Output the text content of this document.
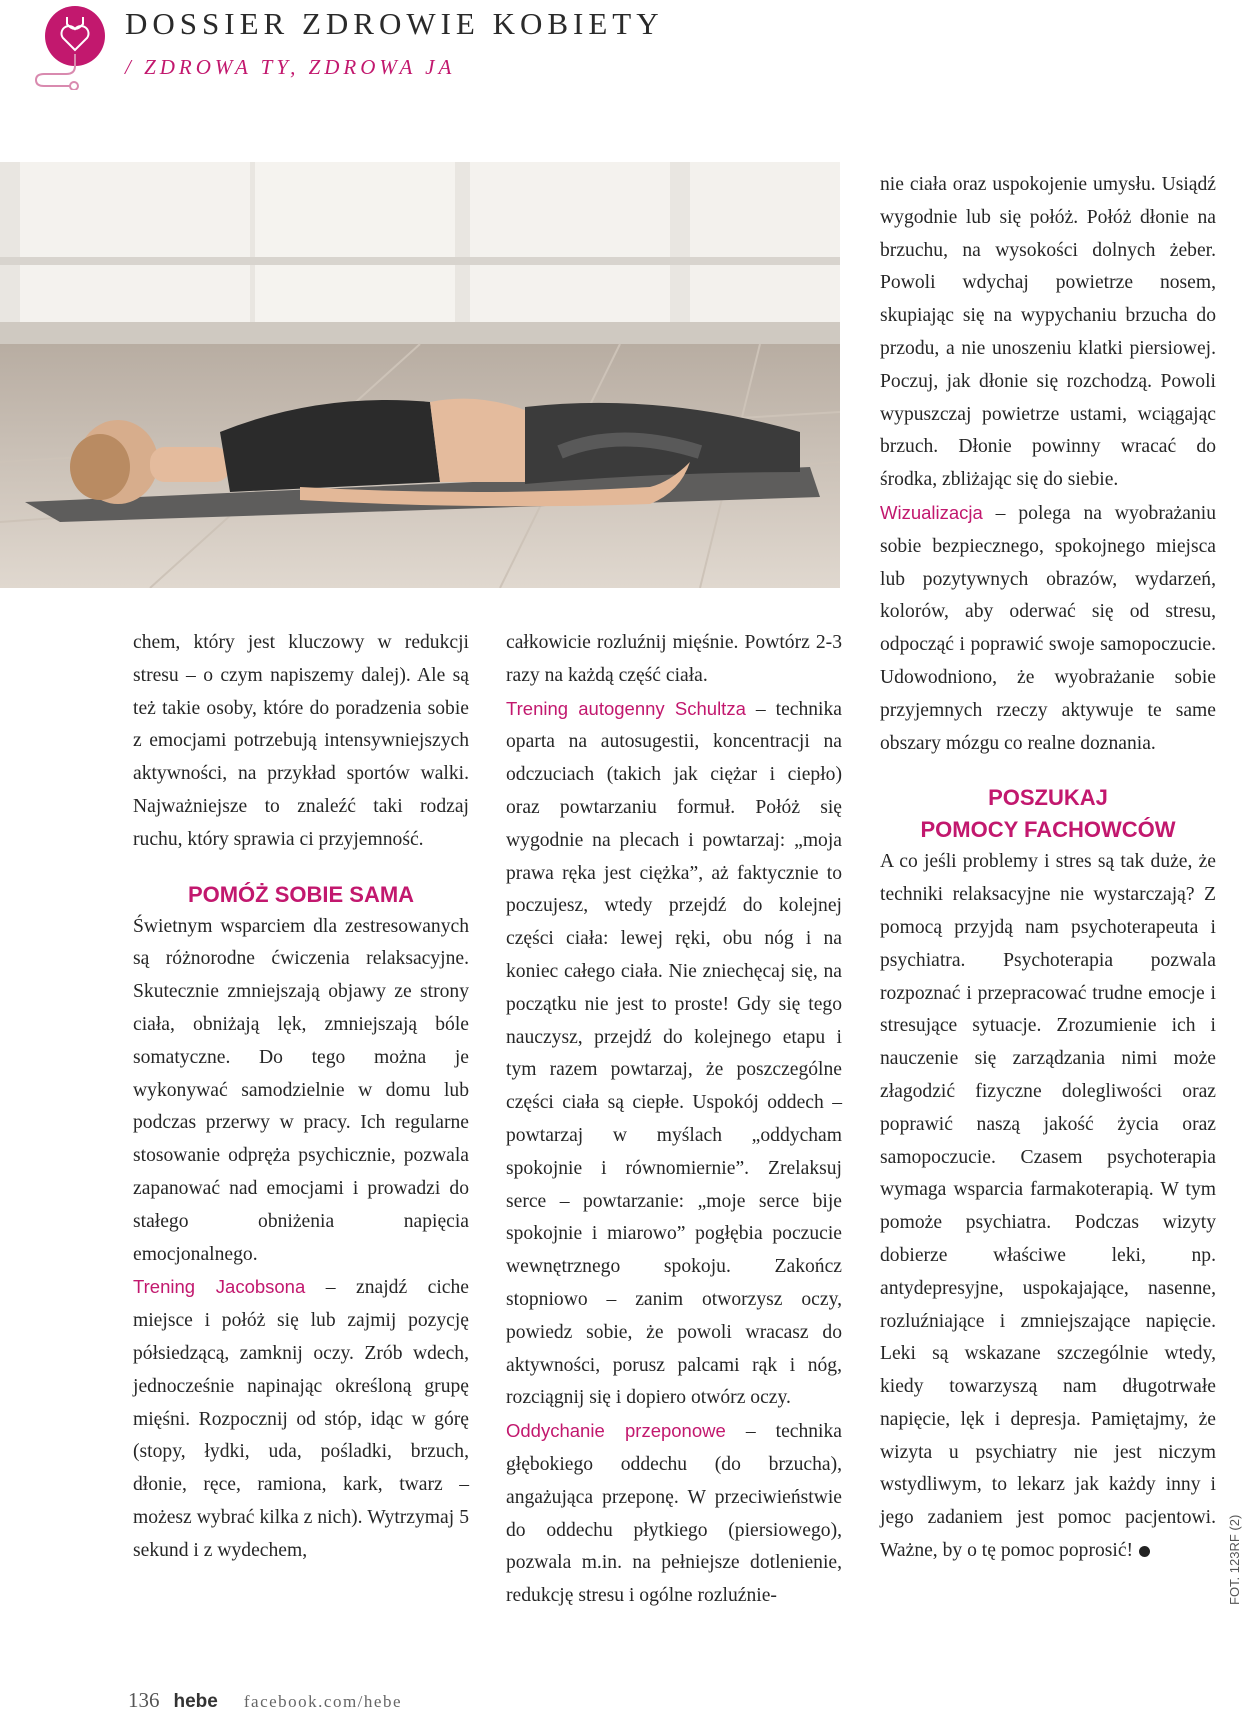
DOSSIER ZDROWIE KOBIETY
/ ZDROWA TY, ZDROWA JA

chem, który jest kluczowy w redukcji stresu – o czym napiszemy dalej). Ale są też takie osoby, które do poradzenia sobie z emocjami potrzebują intensywniejszych aktywności, na przykład sportów walki. Najważniejsze to znaleźć taki rodzaj ruchu, który sprawia ci przyjemność.

POMÓŻ SOBIE SAMA

Świetnym wsparciem dla zestresowanych są różnorodne ćwiczenia relaksacyjne. Skutecznie zmniejszają objawy ze strony ciała, obniżają lęk, zmniejszają bóle somatyczne. Do tego można je wykonywać samodzielnie w domu lub podczas przerwy w pracy. Ich regularne stosowanie odpręża psychicznie, pozwala zapanować nad emocjami i prowadzi do stałego obniżenia napięcia emocjonalnego.

Trening Jacobsona – znajdź ciche miejsce i połóż się lub zajmij pozycję półsiedzącą, zamknij oczy. Zrób wdech, jednocześnie napinając określoną grupę mięśni. Rozpocznij od stóp, idąc w górę (stopy, łydki, uda, pośladki, brzuch, dłonie, ręce, ramiona, kark, twarz – możesz wybrać kilka z nich). Wytrzymaj 5 sekund i z wydechem,

całkowicie rozluźnij mięśnie. Powtórz 2-3 razy na każdą część ciała.

Trening autogenny Schultza – technika oparta na autosugestii, koncentracji na odczuciach (takich jak ciężar i ciepło) oraz powtarzaniu formuł. Połóż się wygodnie na plecach i powtarzaj: „moja prawa ręka jest ciężka”, aż faktycznie to poczujesz, wtedy przejdź do kolejnej części ciała: lewej ręki, obu nóg i na koniec całego ciała. Nie zniechęcaj się, na początku nie jest to proste! Gdy się tego nauczysz, przejdź do kolejnego etapu i tym razem powtarzaj, że poszczególne części ciała są ciepłe. Uspokój oddech – powtarzaj w myślach „oddycham spokojnie i równomiernie”. Zrelaksuj serce – powtarzanie: „moje serce bije spokojnie i miarowo” pogłębia poczucie wewnętrznego spokoju. Zakończ stopniowo – zanim otworzysz oczy, powiedz sobie, że powoli wracasz do aktywności, porusz palcami rąk i nóg, rozciągnij się i dopiero otwórz oczy.

Oddychanie przeponowe – technika głębokiego oddechu (do brzucha), angażująca przeponę. W przeciwieństwie do oddechu płytkiego (piersiowego), pozwala m.in. na pełniejsze dotlenienie, redukcję stresu i ogólne rozluźnie-

nie ciała oraz uspokojenie umysłu. Usiądź wygodnie lub się połóż. Połóż dłonie na brzuchu, na wysokości dolnych żeber. Powoli wdychaj powietrze nosem, skupiając się na wypychaniu brzucha do przodu, a nie unoszeniu klatki piersiowej. Poczuj, jak dłonie się rozchodzą. Powoli wypuszczaj powietrze ustami, wciągając brzuch. Dłonie powinny wracać do środka, zbliżając się do siebie.

Wizualizacja – polega na wyobrażaniu sobie bezpiecznego, spokojnego miejsca lub pozytywnych obrazów, wydarzeń, kolorów, aby oderwać się od stresu, odpocząć i poprawić swoje samopoczucie. Udowodniono, że wyobrażanie sobie przyjemnych rzeczy aktywuje te same obszary mózgu co realne doznania.

POSZUKAJ
POMOCY FACHOWCÓW

A co jeśli problemy i stres są tak duże, że techniki relaksacyjne nie wystarczają? Z pomocą przyjdą nam psychoterapeuta i psychiatra. Psychoterapia pozwala rozpoznać i przepracować trudne emocje i stresujące sytuacje. Zrozumienie ich i nauczenie się zarządzania nimi może złagodzić fizyczne dolegliwości oraz poprawić naszą jakość życia oraz samopoczucie. Czasem psychoterapia wymaga wsparcia farmakoterapią. W tym pomoże psychiatra. Podczas wizyty dobierze właściwe leki, np. antydepresyjne, uspokajające, nasenne, rozluźniające i zmniejszające napięcie. Leki są wskazane szczególnie wtedy, kiedy towarzyszą nam długotrwałe napięcie, lęk i depresja. Pamiętajmy, że wizyta u psychiatry nie jest niczym wstydliwym, to lekarz jak każdy inny i jego zadaniem jest pomoc pacjentowi. Ważne, by o tę pomoc poprosić!	FOT. 123RF (2)
136 hebe facebook.com/hebe
